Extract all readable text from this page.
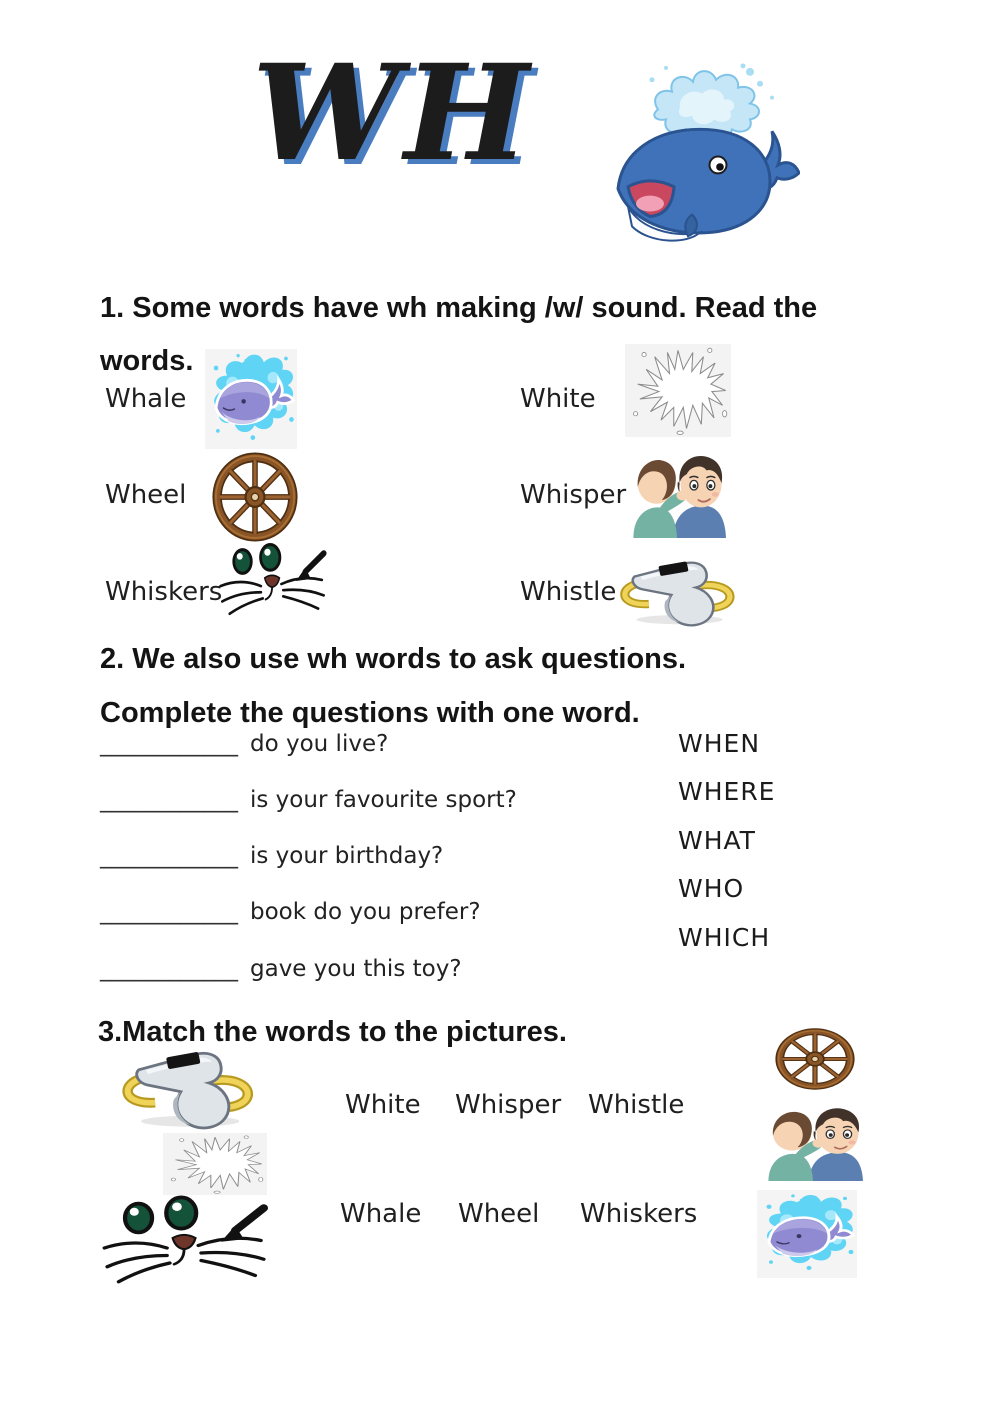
WH
1. Some words have wh making /w/ sound. Read the words.
Whale	White
Wheel	Whisper
Whiskers	Whistle
2. We also use wh words to ask questions.
Complete the questions with one word.
____________ do you live?
____________ is your favourite sport?
____________ is your birthday?
____________ book do you prefer?
____________ gave you this toy?
WHEN
WHERE
WHAT
WHO
WHICH
3.Match the words to the pictures.
White Whisper Whistle
Whale Wheel Whiskers
